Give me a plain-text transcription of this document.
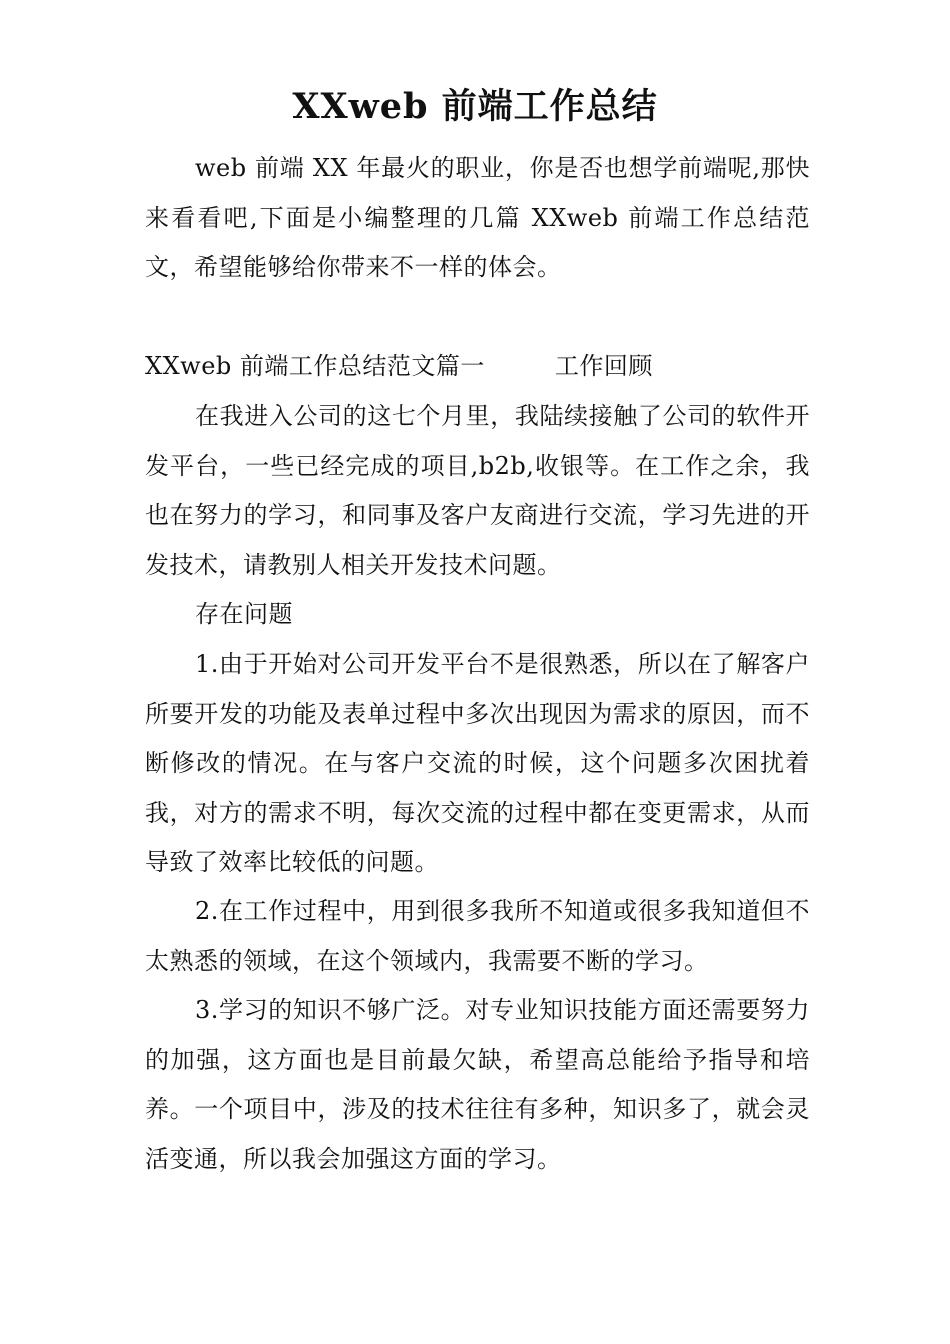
XXweb 前端工作总结

web 前端 XX 年最火的职业，你是否也想学前端呢,那快来看看吧,下面是小编整理的几篇 XXweb 前端工作总结范文，希望能够给你带来不一样的体会。

XXweb 前端工作总结范文篇一	工作回顾

在我进入公司的这七个月里，我陆续接触了公司的软件开发平台，一些已经完成的项目,b2b,收银等。在工作之余，我也在努力的学习，和同事及客户友商进行交流，学习先进的开发技术，请教别人相关开发技术问题。

存在问题

1.由于开始对公司开发平台不是很熟悉，所以在了解客户所要开发的功能及表单过程中多次出现因为需求的原因，而不断修改的情况。在与客户交流的时候，这个问题多次困扰着我，对方的需求不明，每次交流的过程中都在变更需求，从而导致了效率比较低的问题。

2.在工作过程中，用到很多我所不知道或很多我知道但不太熟悉的领域，在这个领域内，我需要不断的学习。

3.学习的知识不够广泛。对专业知识技能方面还需要努力的加强，这方面也是目前最欠缺，希望高总能给予指导和培养。一个项目中，涉及的技术往往有多种，知识多了，就会灵活变通，所以我会加强这方面的学习。
